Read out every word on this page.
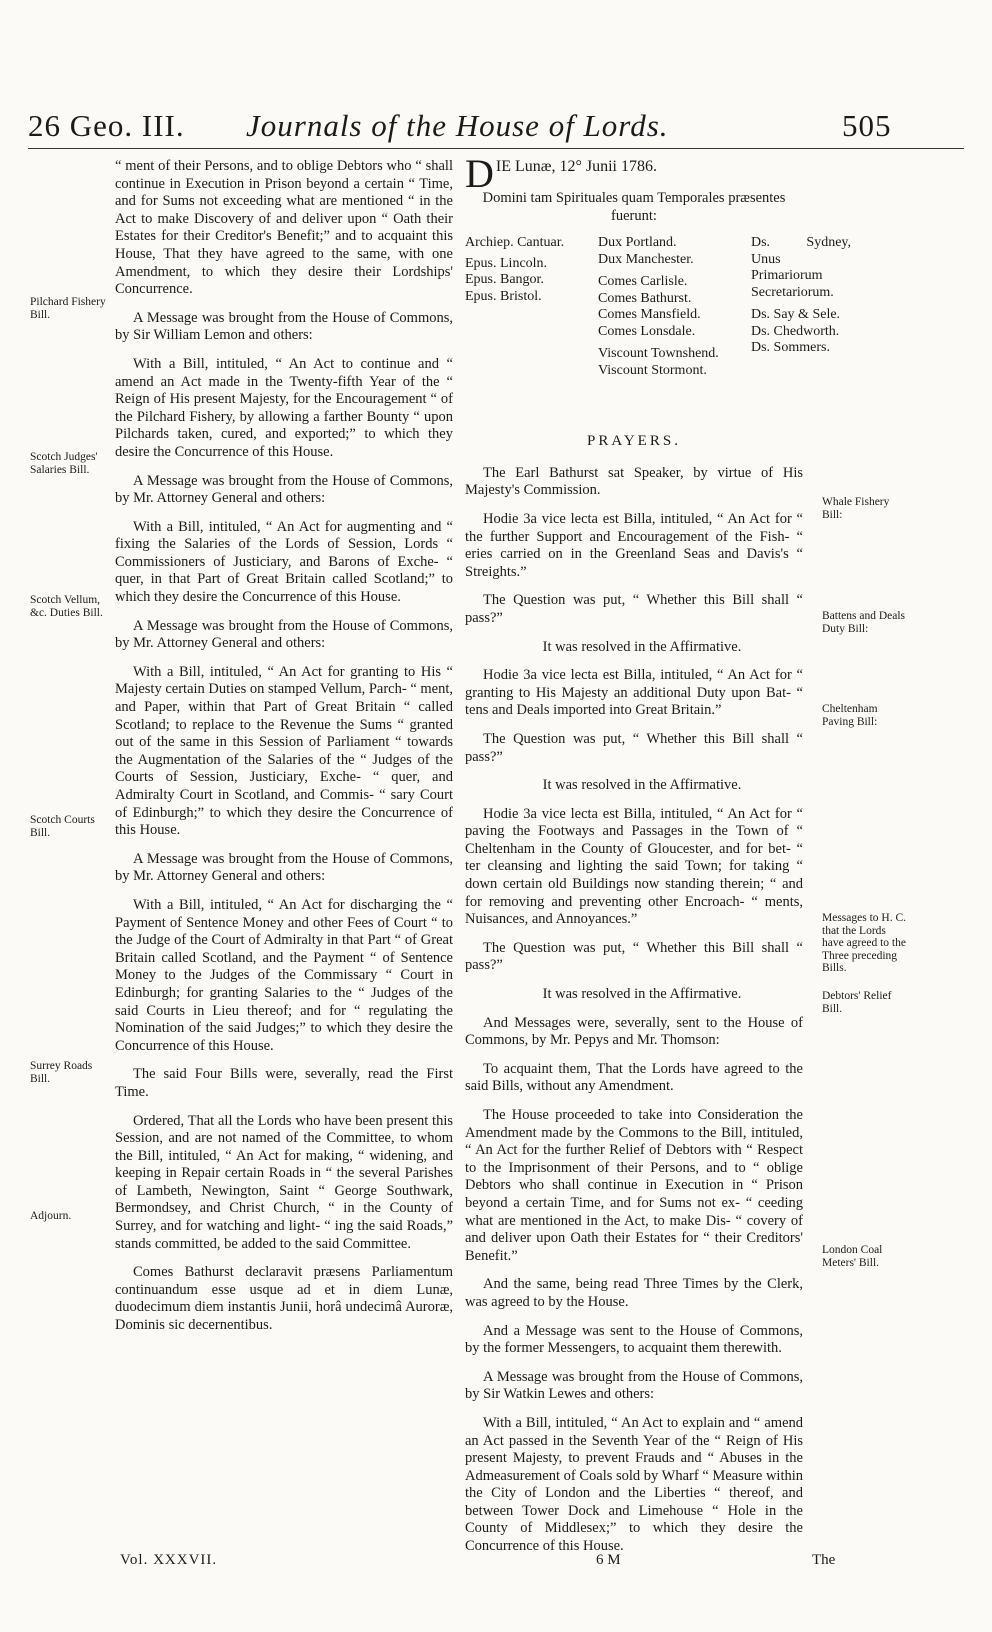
26 Geo. III. Journals of the House of Lords.	505
Pilchard Fishery Bill.
Scotch Judges' Salaries Bill.
Scotch Vellum, &c. Duties Bill.
Scotch Courts Bill.
Surrey Roads Bill.
Adjourn.
Whale Fishery Bill:
Battens and Deals Duty Bill:
Cheltenham Paving Bill:
Messages to H. C. that the Lords have agreed to the Three preceding Bills.
Debtors' Relief Bill.
London Coal Meters' Bill.

“ ment of their Persons, and to oblige Debtors who “ shall continue in Execution in Prison beyond a certain “ Time, and for Sums not exceeding what are mentioned “ in the Act to make Discovery of and deliver upon “ Oath their Estates for their Creditor's Benefit;” and to acquaint this House, That they have agreed to the same, with one Amendment, to which they desire their Lordships' Concurrence.

A Message was brought from the House of Commons, by Sir William Lemon and others:

With a Bill, intituled, “ An Act to continue and “ amend an Act made in the Twenty-fifth Year of the “ Reign of His present Majesty, for the Encouragement “ of the Pilchard Fishery, by allowing a farther Bounty “ upon Pilchards taken, cured, and exported;” to which they desire the Concurrence of this House.

A Message was brought from the House of Commons, by Mr. Attorney General and others:

With a Bill, intituled, “ An Act for augmenting and “ fixing the Salaries of the Lords of Session, Lords “ Commissioners of Justiciary, and Barons of Exche- “ quer, in that Part of Great Britain called Scotland;” to which they desire the Concurrence of this House.

A Message was brought from the House of Commons, by Mr. Attorney General and others:

With a Bill, intituled, “ An Act for granting to His “ Majesty certain Duties on stamped Vellum, Parch- “ ment, and Paper, within that Part of Great Britain “ called Scotland; to replace to the Revenue the Sums “ granted out of the same in this Session of Parliament “ towards the Augmentation of the Salaries of the “ Judges of the Courts of Session, Justiciary, Exche- “ quer, and Admiralty Court in Scotland, and Commis- “ sary Court of Edinburgh;” to which they desire the Concurrence of this House.

A Message was brought from the House of Commons, by Mr. Attorney General and others:

With a Bill, intituled, “ An Act for discharging the “ Payment of Sentence Money and other Fees of Court “ to the Judge of the Court of Admiralty in that Part “ of Great Britain called Scotland, and the Payment “ of Sentence Money to the Judges of the Commissary “ Court in Edinburgh; for granting Salaries to the “ Judges of the said Courts in Lieu thereof; and for “ regulating the Nomination of the said Judges;” to which they desire the Concurrence of this House.

The said Four Bills were, severally, read the First Time.

Ordered, That all the Lords who have been present this Session, and are not named of the Committee, to whom the Bill, intituled, “ An Act for making, “ widening, and keeping in Repair certain Roads in “ the several Parishes of Lambeth, Newington, Saint “ George Southwark, Bermondsey, and Christ Church, “ in the County of Surrey, and for watching and light- “ ing the said Roads,” stands committed, be added to the said Committee.

Comes Bathurst declaravit præsens Parliamentum continuandum esse usque ad et in diem Lunæ, duodecimum diem instantis Junii, horâ undecimâ Auroræ, Dominis sic decernentibus.

D IE Lunæ, 12° Junii 1786.

Domini tam Spirituales quam Temporales præsentes fuerunt:

Archiep. Cantuar.
Epus. Lincoln.
Epus. Bangor.
Epus. Bristol.
Dux Portland.
Dux Manchester.
Comes Carlisle.
Comes Bathurst.
Comes Mansfield.
Comes Lonsdale.
Viscount Townshend.
Viscount Stormont.
Ds. Sydney, Unus Primariorum Secretariorum.
Ds. Say & Sele.
Ds. Chedworth.
Ds. Sommers.
PRAYERS.

The Earl Bathurst sat Speaker, by virtue of His Majesty's Commission.

Hodie 3a vice lecta est Billa, intituled, “ An Act for “ the further Support and Encouragement of the Fish- “ eries carried on in the Greenland Seas and Davis's “ Streights.”

The Question was put, “ Whether this Bill shall “ pass?”

It was resolved in the Affirmative.

Hodie 3a vice lecta est Billa, intituled, “ An Act for “ granting to His Majesty an additional Duty upon Bat- “ tens and Deals imported into Great Britain.”

The Question was put, “ Whether this Bill shall “ pass?”

It was resolved in the Affirmative.

Hodie 3a vice lecta est Billa, intituled, “ An Act for “ paving the Footways and Passages in the Town of “ Cheltenham in the County of Gloucester, and for bet- “ ter cleansing and lighting the said Town; for taking “ down certain old Buildings now standing therein; “ and for removing and preventing other Encroach- “ ments, Nuisances, and Annoyances.”

The Question was put, “ Whether this Bill shall “ pass?”

It was resolved in the Affirmative.

And Messages were, severally, sent to the House of Commons, by Mr. Pepys and Mr. Thomson:

To acquaint them, That the Lords have agreed to the said Bills, without any Amendment.

The House proceeded to take into Consideration the Amendment made by the Commons to the Bill, intituled, “ An Act for the further Relief of Debtors with “ Respect to the Imprisonment of their Persons, and to “ oblige Debtors who shall continue in Execution in “ Prison beyond a certain Time, and for Sums not ex- “ ceeding what are mentioned in the Act, to make Dis- “ covery of and deliver upon Oath their Estates for “ their Creditors' Benefit.”

And the same, being read Three Times by the Clerk, was agreed to by the House.

And a Message was sent to the House of Commons, by the former Messengers, to acquaint them therewith.

A Message was brought from the House of Commons, by Sir Watkin Lewes and others:

With a Bill, intituled, “ An Act to explain and “ amend an Act passed in the Seventh Year of the “ Reign of His present Majesty, to prevent Frauds and “ Abuses in the Admeasurement of Coals sold by Wharf “ Measure within the City of London and the Liberties “ thereof, and between Tower Dock and Limehouse “ Hole in the County of Middlesex;” to which they desire the Concurrence of this House.

Vol. XXXVII.	6 M	The
